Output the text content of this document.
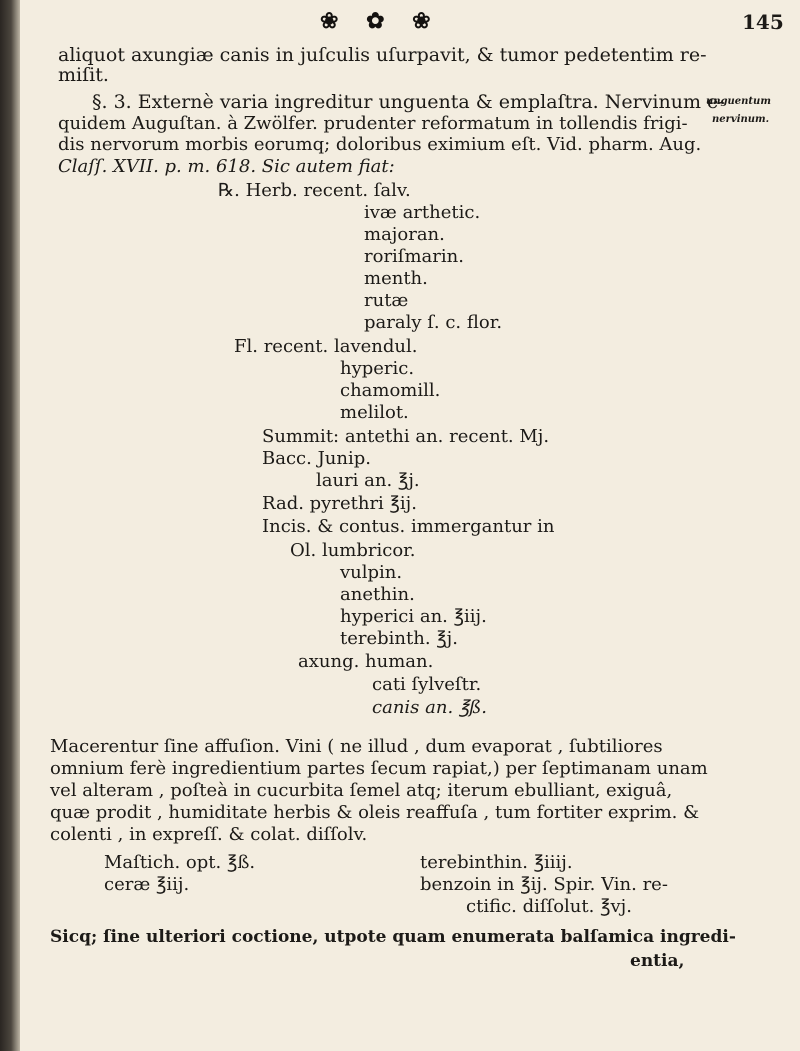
❀ ✿ ❀	145
unguentum
nervinum.
aliquot axungiæ canis in juſculis uſurpavit, & tumor pedetentim re-
miſit.
§. 3. Externè varia ingreditur unguenta & emplaſtra. Nervinum e-
quidem Auguſtan. à Zwölfer. prudenter reformatum in tollendis frigi-
dis nervorum morbis eorumq; doloribus eximium eſt. Vid. pharm. Aug.
Claſſ. XVII. p. m. 618. Sic autem fiat:
℞. Herb. recent. ſalv.
ivæ arthetic.
majoran.
roriſmarin.
menth.
rutæ
paraly ſ. c. flor.
Fl. recent. lavendul.
hyperic.
chamomill.
melilot.
Summit: antethi an. recent. Mj.
Bacc. Junip.
lauri an. ℥j.
Rad. pyrethri ℥ij.
Incis. & contus. immergantur in
Ol. lumbricor.
vulpin.
anethin.
hyperici an. ℥iij.
terebinth. ℥j.
axung. human.
cati ſylveſtr.
canis an. ℥ß.
Macerentur ſine affuſion. Vini ( ne illud , dum evaporat , ſubtiliores
omnium ferè ingredientium partes ſecum rapiat,) per ſeptimanam unam
vel alteram , poſteà in cucurbita ſemel atq; iterum ebulliant, exiguâ,
quæ prodit , humiditate herbis & oleis reaffuſa , tum fortiter exprim. &
colenti , in expreſſ. & colat. diſſolv.
Maſtich. opt. ℥ß.	terebinthin. ℥iiij.
ceræ ℥iij.	benzoin in ℥ij. Spir. Vin. re-
ctific. diſſolut. ℥vj.
Sicq; ſine ulteriori coctione, utpote quam enumerata balſamica ingredi-
entia,
